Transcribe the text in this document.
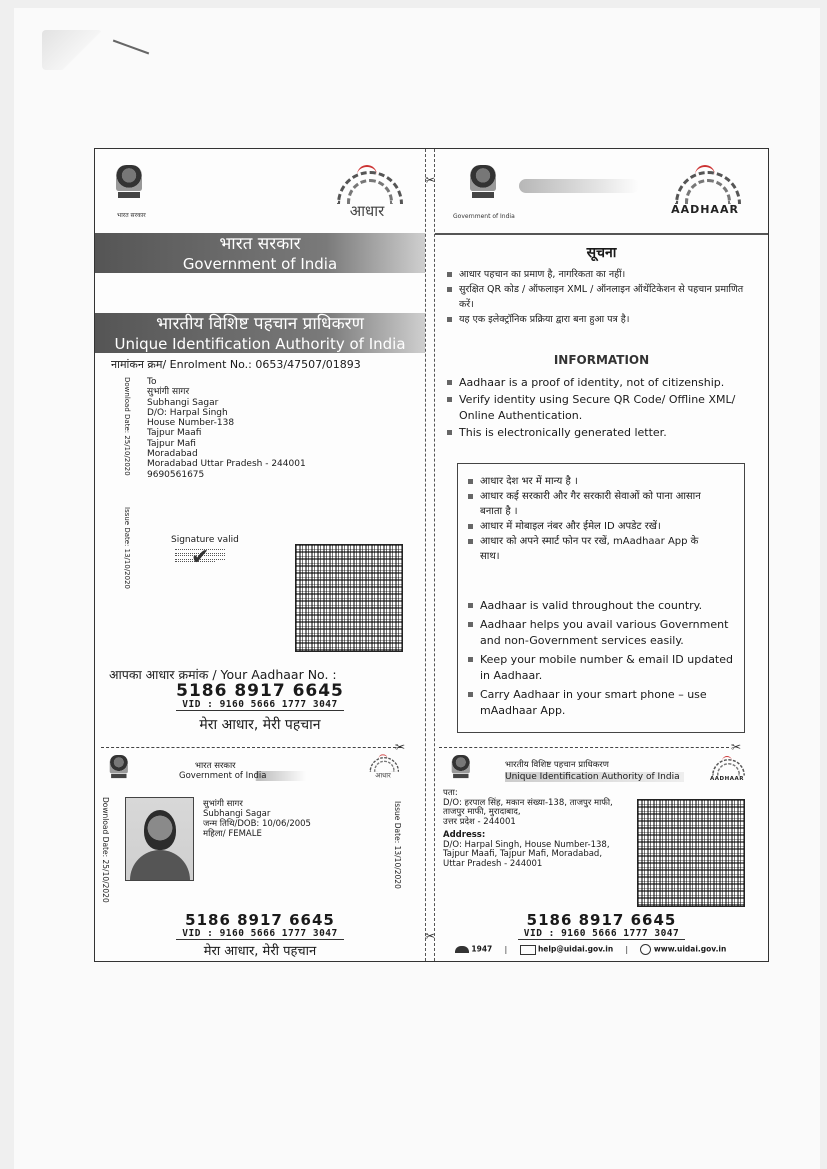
✂
✂
भारत सरकार	आधार
भारत सरकार
Government of India
भारतीय विशिष्ट पहचान प्राधिकरण
Unique Identification Authority of India
नामांकन क्रम/ Enrolment No.: 0653/47507/01893
Download Date: 25/10/2020
Issue Date: 13/10/2020
To
सुभांगी सागर
Subhangi Sagar
D/O: Harpal Singh
House Number-138
Tajpur Maafi
Tajpur Mafi
Moradabad
Moradabad Uttar Pradesh - 244001
9690561675
Signature valid
✔
आपका आधार क्रमांक / Your Aadhaar No. :
5186 8917 6645
VID : 9160 5666 1777 3047
मेरा आधार, मेरी पहचान
✂
भारत सरकार
Government of India	आधार
Download Date: 25/10/2020	सुभांगी सागर
Subhangi Sagar
जन्म तिथि/DOB: 10/06/2005
महिला/ FEMALE	Issue Date: 13/10/2020
5186 8917 6645
VID : 9160 5666 1777 3047
मेरा आधार, मेरी पहचान
Government of India
AADHAAR
सूचना
आधार पहचान का प्रमाण है, नागरिकता का नहीं।
सुरक्षित QR कोड / ऑफलाइन XML / ऑनलाइन ऑथेंटिकेशन से पहचान प्रमाणित करें।
यह एक इलेक्ट्रॉनिक प्रक्रिया द्वारा बना हुआ पत्र है।
INFORMATION
Aadhaar is a proof of identity, not of citizenship.
Verify identity using Secure QR Code/ Offline XML/ Online Authentication.
This is electronically generated letter.
आधार देश भर में मान्य है ।
आधार कई सरकारी और गैर सरकारी सेवाओं को पाना आसान बनाता है ।
आधार में मोबाइल नंबर और ईमेल ID अपडेट रखें।
आधार को अपने स्मार्ट फोन पर रखें, mAadhaar App के साथ।
Aadhaar is valid throughout the country.
Aadhaar helps you avail various Government and non-Government services easily.
Keep your mobile number & email ID updated in Aadhaar.
Carry Aadhaar in your smart phone – use mAadhaar App.
✂
भारतीय विशिष्ट पहचान प्राधिकरण
Unique Identification Authority of India	AADHAAR
पता:
D/O: हरपाल सिंह, मकान संख्या-138, ताजपुर माफी,
ताजपुर माफी, मुरादाबाद,
उत्तर प्रदेश - 244001
Address:
D/O: Harpal Singh, House Number-138,
Tajpur Maafi, Tajpur Mafi, Moradabad,
Uttar Pradesh - 244001
5186 8917 6645
VID : 9160 5666 1777 3047
1947 |	help@uidai.gov.in |	www.uidai.gov.in
